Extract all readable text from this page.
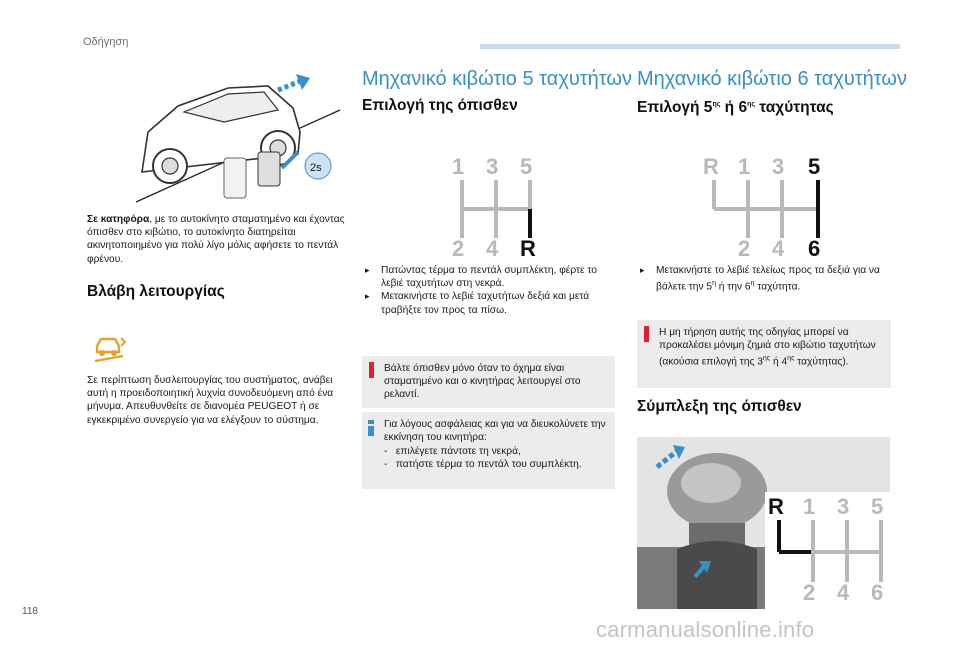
Οδήγηση
2s
Σε κατηφόρα, με το αυτοκίνητο σταματημένο και έχοντας όπισθεν στο κιβώτιο, το αυτοκίνητο διατηρείται ακινητοποιημένο για πολύ λίγο μόλις αφήσετε το πεντάλ φρένου.
Βλάβη λειτουργίας
Σε περίπτωση δυσλειτουργίας του συστήματος, ανάβει αυτή η προειδοποιητική λυχνία συνοδευόμενη από ένα μήνυμα. Απευθυνθείτε σε διανομέα PEUGEOT ή σε εγκεκριμένο συνεργείο για να ελέγξουν το σύστημα.
Μηχανικό κιβώτιο 5 ταχυτήτων
Επιλογή της όπισθεν
1 3 5
2 4 R
▸ Πατώντας τέρμα το πεντάλ συμπλέκτη, φέρτε το λεβιέ ταχυτήτων στη νεκρά.
▸ Μετακινήστε το λεβιέ ταχυτήτων δεξιά και μετά τραβήξτε τον προς τα πίσω.
Βάλτε όπισθεν μόνο όταν το όχημα είναι σταματημένο και ο κινητήρας λειτουργεί στο ρελαντί.
Για λόγους ασφάλειας και για να διευκολύνετε την εκκίνηση του κινητήρα:
-   επιλέγετε πάντοτε τη νεκρά,
-   πατήστε τέρμα το πεντάλ του συμπλέκτη.
Μηχανικό κιβώτιο 6 ταχυτήτων
Επιλογή $5^{\eta\varsigma}$ ή $6^{\eta\varsigma}$ ταχύτητας
R 1 3 5
2 4 6
▸ Μετακινήστε το λεβιέ τελείως προς τα δεξιά για να βάλετε την $5^\eta$ ή την $6^\eta$ ταχύτητα.
Η μη τήρηση αυτής της οδηγίας μπορεί να προκαλέσει μόνιμη ζημιά στο κιβώτιο ταχυτήτων (ακούσια επιλογή της $3^{\eta\varsigma}$ ή $4^{\eta\varsigma}$ ταχύτητας).
Σύμπλεξη της όπισθεν
R 1 3 5
2 4 6
118
carmanualsonline.info
